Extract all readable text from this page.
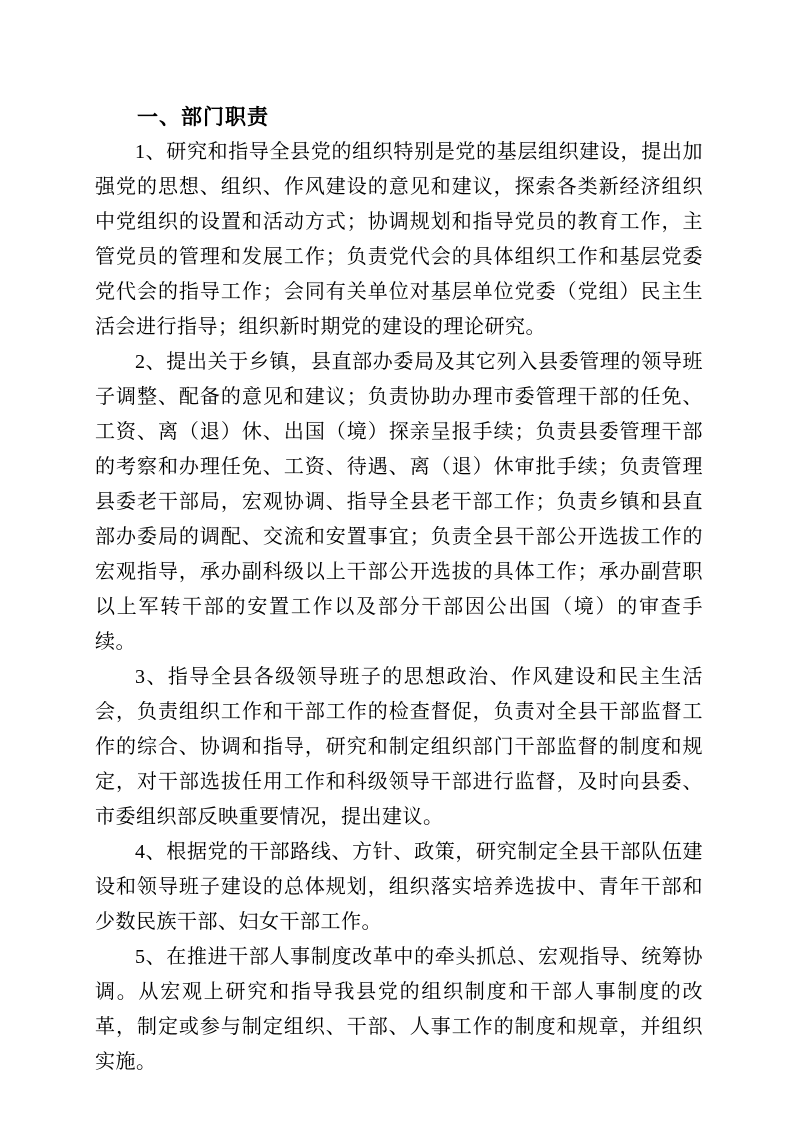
一、部门职责

1、研究和指导全县党的组织特别是党的基层组织建设，提出加强党的思想、组织、作风建设的意见和建议，探索各类新经济组织中党组织的设置和活动方式；协调规划和指导党员的教育工作，主管党员的管理和发展工作；负责党代会的具体组织工作和基层党委党代会的指导工作；会同有关单位对基层单位党委（党组）民主生活会进行指导；组织新时期党的建设的理论研究。

2、提出关于乡镇，县直部办委局及其它列入县委管理的领导班子调整、配备的意见和建议；负责协助办理市委管理干部的任免、工资、离（退）休、出国（境）探亲呈报手续；负责县委管理干部的考察和办理任免、工资、待遇、离（退）休审批手续；负责管理县委老干部局，宏观协调、指导全县老干部工作；负责乡镇和县直部办委局的调配、交流和安置事宜；负责全县干部公开选拔工作的宏观指导，承办副科级以上干部公开选拔的具体工作；承办副营职以上军转干部的安置工作以及部分干部因公出国（境）的审查手续。

3、指导全县各级领导班子的思想政治、作风建设和民主生活会，负责组织工作和干部工作的检查督促，负责对全县干部监督工作的综合、协调和指导，研究和制定组织部门干部监督的制度和规定，对干部选拔任用工作和科级领导干部进行监督，及时向县委、市委组织部反映重要情况，提出建议。

4、根据党的干部路线、方针、政策，研究制定全县干部队伍建设和领导班子建设的总体规划，组织落实培养选拔中、青年干部和少数民族干部、妇女干部工作。

5、在推进干部人事制度改革中的牵头抓总、宏观指导、统筹协调。从宏观上研究和指导我县党的组织制度和干部人事制度的改革，制定或参与制定组织、干部、人事工作的制度和规章，并组织实施。
